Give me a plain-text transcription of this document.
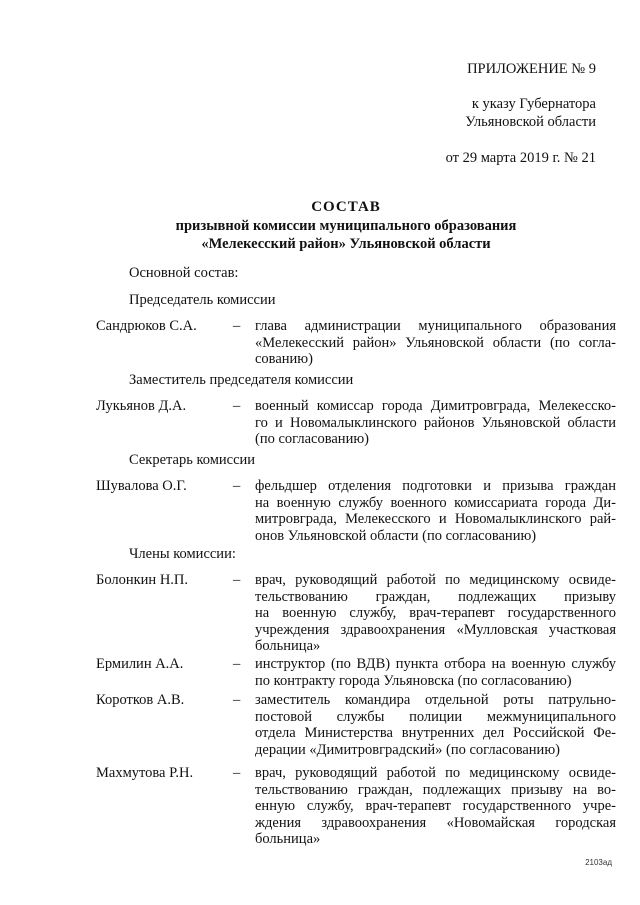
ПРИЛОЖЕНИЕ № 9
к указу Губернатора
Ульяновской области
от 29 марта 2019 г. № 21
СОСТАВ
призывной комиссии муниципального образования
«Мелекесский район» Ульяновской области
Основной состав:
Председатель комиссии
Сандрюков С.А.	– глава администрации муниципального образования
«Мелекесский район» Ульяновской области (по согла-
сованию)
Заместитель председателя комиссии
Лукьянов Д.А.	– военный комиссар города Димитровграда, Мелекесско-
го и Новомалыклинского районов Ульяновской области
(по согласованию)
Секретарь комиссии
Шувалова О.Г.	– фельдшер отделения подготовки и призыва граждан
на военную службу военного комиссариата города Ди-
митровграда, Мелекесского и Новомалыклинского рай-
онов Ульяновской области (по согласованию)
Члены комиссии:
Болонкин Н.П.	– врач, руководящий работой по медицинскому освиде-
тельствованию граждан, подлежащих призыву
на военную службу, врач-терапевт государственного
учреждения здравоохранения «Мулловская участковая
больница»
Ермилин А.А.	– инструктор (по ВДВ) пункта отбора на военную службу
по контракту города Ульяновска (по согласованию)
Коротков А.В.	– заместитель командира отдельной роты патрульно-
постовой службы полиции межмуниципального
отдела Министерства внутренних дел Российской Фе-
дерации «Димитровградский» (по согласованию)
Махмутова Р.Н.	– врач, руководящий работой по медицинскому освиде-
тельствованию граждан, подлежащих призыву на во-
енную службу, врач-терапевт государственного учре-
ждения здравоохранения «Новомайская городская
больница»
2103ад
